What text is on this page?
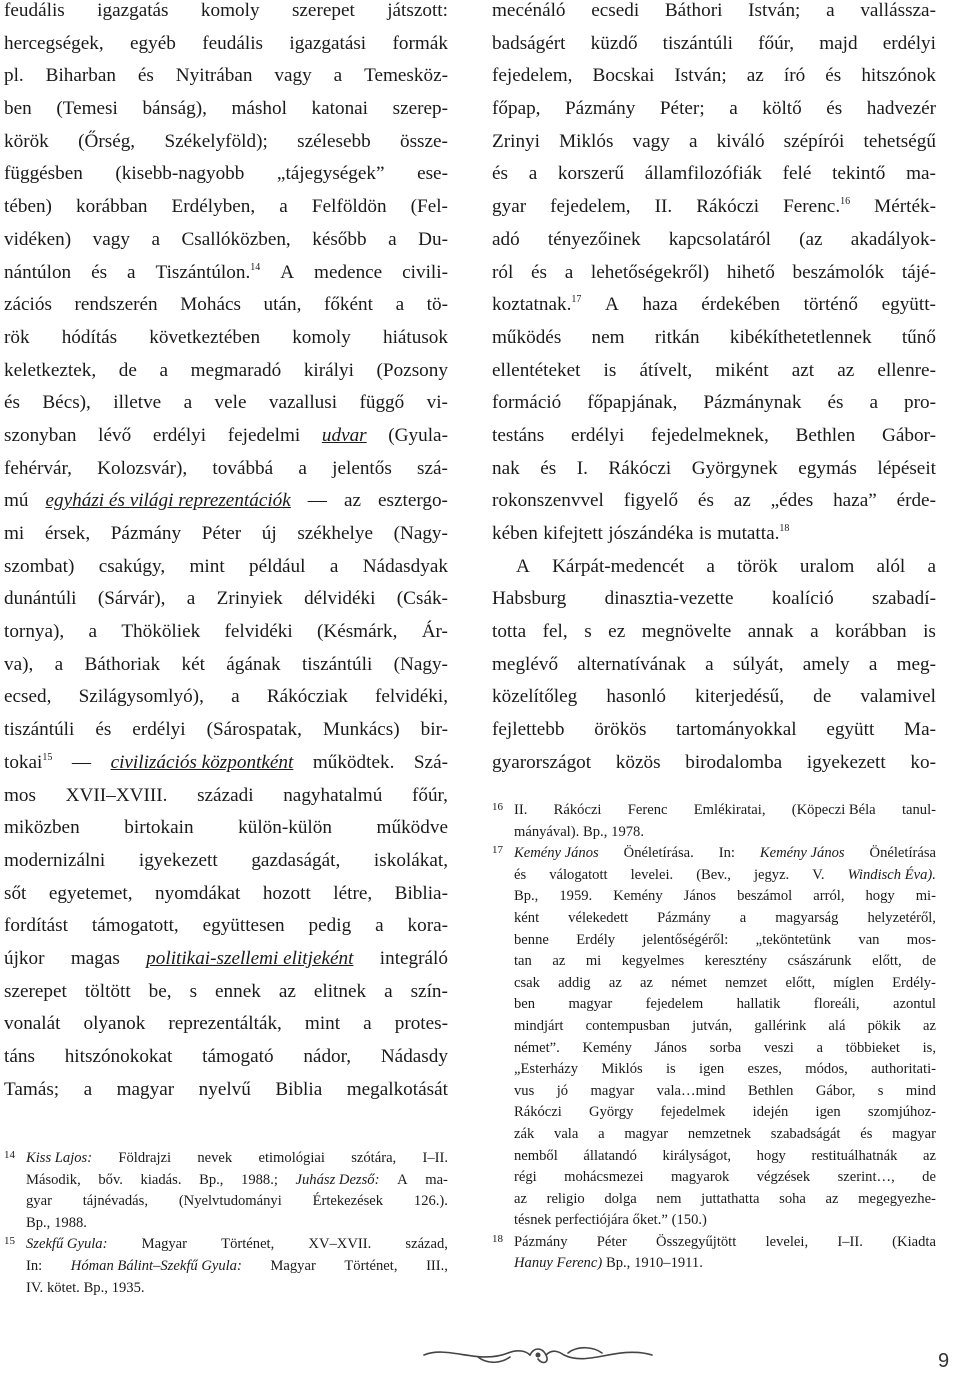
feudális igazgatás komoly szerepet játszott:
hercegségek, egyéb feudális igazgatási formák
pl. Biharban és Nyitrában vagy a Temesköz-
ben (Temesi bánság), máshol katonai szerep-
körök (Őrség, Székelyföld); szélesebb össze-
függésben (kisebb-nagyobb „tájegységek” ese-
tében) korábban Erdélyben, a Felföldön (Fel-
vidéken) vagy a Csallóközben, később a Du-
nántúlon és a Tiszántúlon.$^{14}$ A medence civili-
zációs rendszerén Mohács után, főként a tö-
rök hódítás következtében komoly hiátusok
keletkeztek, de a megmaradó királyi (Pozsony
és Bécs), illetve a vele vazallusi függő vi-
szonyban lévő erdélyi fejedelmi udvar (Gyula-
fehérvár, Kolozsvár), továbbá a jelentős szá-
mú egyházi és világi reprezentációk — az esztergo-
mi érsek, Pázmány Péter új székhelye (Nagy-
szombat) csakúgy, mint például a Nádasdyak
dunántúli (Sárvár), a Zrinyiek délvidéki (Csák-
tornya), a Thököliek felvidéki (Késmárk, Ár-
va), a Báthoriak két ágának tiszántúli (Nagy-
ecsed, Szilágysomlyó), a Rákócziak felvidéki,
tiszántúli és erdélyi (Sárospatak, Munkács) bir-
tokai$^{15}$ — civilizációs központként működtek. Szá-
mos XVII–XVIII. századi nagyhatalmú főúr,
miközben birtokain külön-külön működve
modernizálni igyekezett gazdaságát, iskolákat,
sőt egyetemet, nyomdákat hozott létre, Biblia-
fordítást támogatott, együttesen pedig a kora-
újkor magas politikai-szellemi elitjeként integráló
szerepet töltött be, s ennek az elitnek a szín-
vonalát olyanok reprezentálták, mint a protes-
táns hitszónokokat támogató nádor, Nádasdy
Tamás; a magyar nyelvű Biblia megalkotását
14 Kiss Lajos: Földrajzi nevek etimológiai szótára, I–II.
Második, bőv. kiadás. Bp., 1988.; Juhász Dezső: A ma-
gyar tájnévadás, (Nyelvtudományi Értekezések 126.).
Bp., 1988.
15 Szekfű Gyula: Magyar Történet, XV–XVII. század,
In: Hóman Bálint–Szekfű Gyula: Magyar Történet, III.,
IV. kötet. Bp., 1935.
mecénáló ecsedi Báthori István; a vallássza-
badságért küzdő tiszántúli főúr, majd erdélyi
fejedelem, Bocskai István; az író és hitszónok
főpap, Pázmány Péter; a költő és hadvezér
Zrinyi Miklós vagy a kiváló szépírói tehetségű
és a korszerű államfilozófiák felé tekintő ma-
gyar fejedelem, II. Rákóczi Ferenc.$^{16}$ Mérték-
adó tényezőinek kapcsolatáról (az akadályok-
ról és a lehetőségekről) hihető beszámolók tájé-
koztatnak.$^{17}$ A haza érdekében történő együtt-
működés nem ritkán kibékíthetetlennek tűnő
ellentéteket is átívelt, miként azt az ellenre-
formáció főpapjának, Pázmánynak és a pro-
testáns erdélyi fejedelmeknek, Bethlen Gábor-
nak és I. Rákóczi Györgynek egymás lépéseit
rokonszenvvel figyelő és az „édes haza” érde-
kében kifejtett jószándéka is mutatta.$^{18}$
A Kárpát-medencét a török uralom alól a
Habsburg dinasztia-vezette koalíció szabadí-
totta fel, s ez megnövelte annak a korábban is
meglévő alternatívának a súlyát, amely a meg-
közelítőleg hasonló kiterjedésű, de valamivel
fejlettebb örökös tartományokkal együtt Ma-
gyarországot közös birodalomba igyekezett ko-
16 II. Rákóczi Ferenc Emlékiratai, (Köpeczi Béla tanul-
mányával). Bp., 1978.
17 Kemény János Önéletírása. In: Kemény János Önéletírása
és válogatott levelei. (Bev., jegyz. V. Windisch Éva).
Bp., 1959. Kemény János beszámol arról, hogy mi-
ként vélekedett Pázmány a magyarság helyzetéről,
benne Erdély jelentőségéről: „teköntetünk van mos-
tan az mi kegyelmes keresztény császárunk előtt, de
csak addig az az német nemzet előtt, míglen Erdély-
ben magyar fejedelem hallatik floreáli, azontul
mindjárt contempusban jutván, gallérink alá pökik az
német”. Kemény János sorba veszi a többieket is,
„Esterházy Miklós is igen eszes, módos, authoritati-
vus jó magyar vala…mind Bethlen Gábor, s mind
Rákóczi György fejedelmek idején igen szomjúhoz-
zák vala a magyar nemzetnek szabadságát és magyar
nemből állatandó királyságot, hogy restituálhatnák az
régi mohácsmezei magyarok végzések szerint…, de
az religio dolga nem juttathatta soha az megegyezhe-
tésnek perfectiójára őket.” (150.)
18 Pázmány Péter Összegyűjtött levelei, I–II. (Kiadta
Hanuy Ferenc) Bp., 1910–1911.
9
